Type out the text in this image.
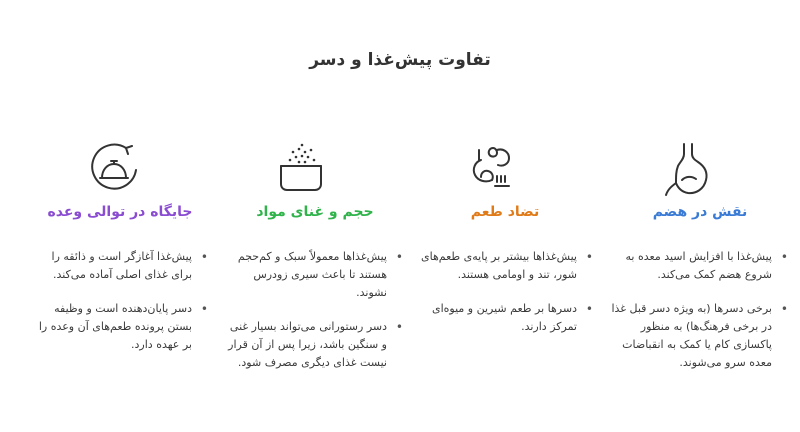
تفاوت پیش‌غذا و دسر
نقش در هضم
•
پیش‌غذا با افزایش اسید معده به شروع هضم کمک می‌کند.
•
برخی دسرها (به ویژه دسر قبل غذا در برخی فرهنگ‌ها) به منظور پاکسازی کام یا کمک به انقباضات معده سرو می‌شوند.
تضاد طعم
•
پیش‌غذاها بیشتر بر پایه‌ی طعم‌های شور، تند و اومامی هستند.
•
دسرها بر طعم شیرین و میوه‌ای تمرکز دارند.
حجم و غنای مواد
•
پیش‌غذاها معمولاً سبک و کم‌حجم هستند تا باعث سیری زودرس نشوند.
•
دسر رستورانی می‌تواند بسیار غنی و سنگین باشد، زیرا پس از آن قرار نیست غذای دیگری مصرف شود.
جایگاه در توالی وعده
•
پیش‌غذا آغازگر است و ذائقه را برای غذای اصلی آماده می‌کند.
•
دسر پایان‌دهنده است و وظیفه بستن پرونده طعم‌های آن وعده را بر عهده دارد.
